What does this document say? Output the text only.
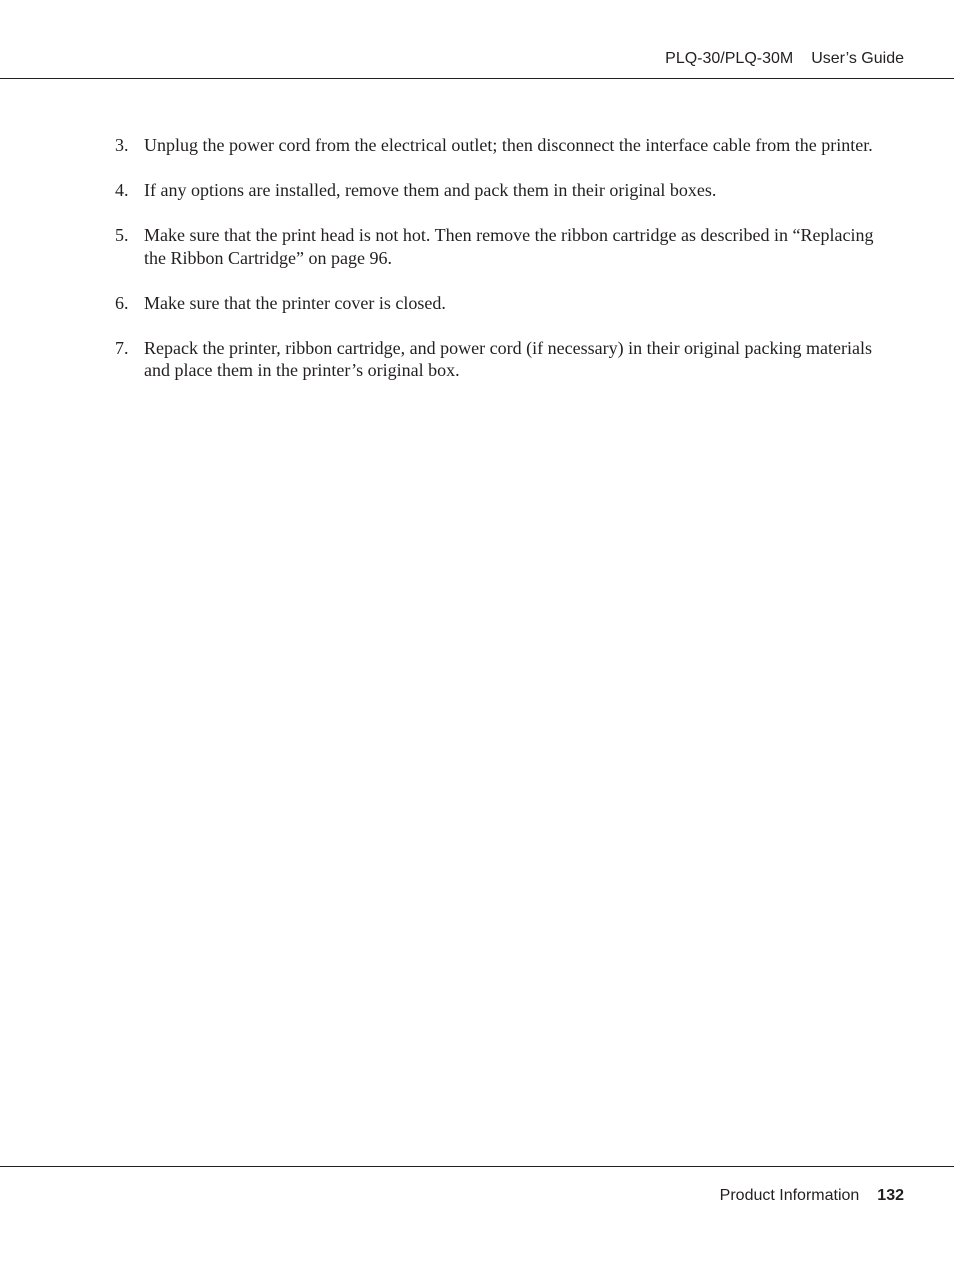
PLQ-30/PLQ-30M User’s Guide
3. Unplug the power cord from the electrical outlet; then disconnect the interface cable from the printer.
4. If any options are installed, remove them and pack them in their original boxes.
5. Make sure that the print head is not hot. Then remove the ribbon cartridge as described in “Replacing the Ribbon Cartridge” on page 96.
6. Make sure that the printer cover is closed.
7. Repack the printer, ribbon cartridge, and power cord (if necessary) in their original packing materials and place them in the printer’s original box.
Product Information 132
